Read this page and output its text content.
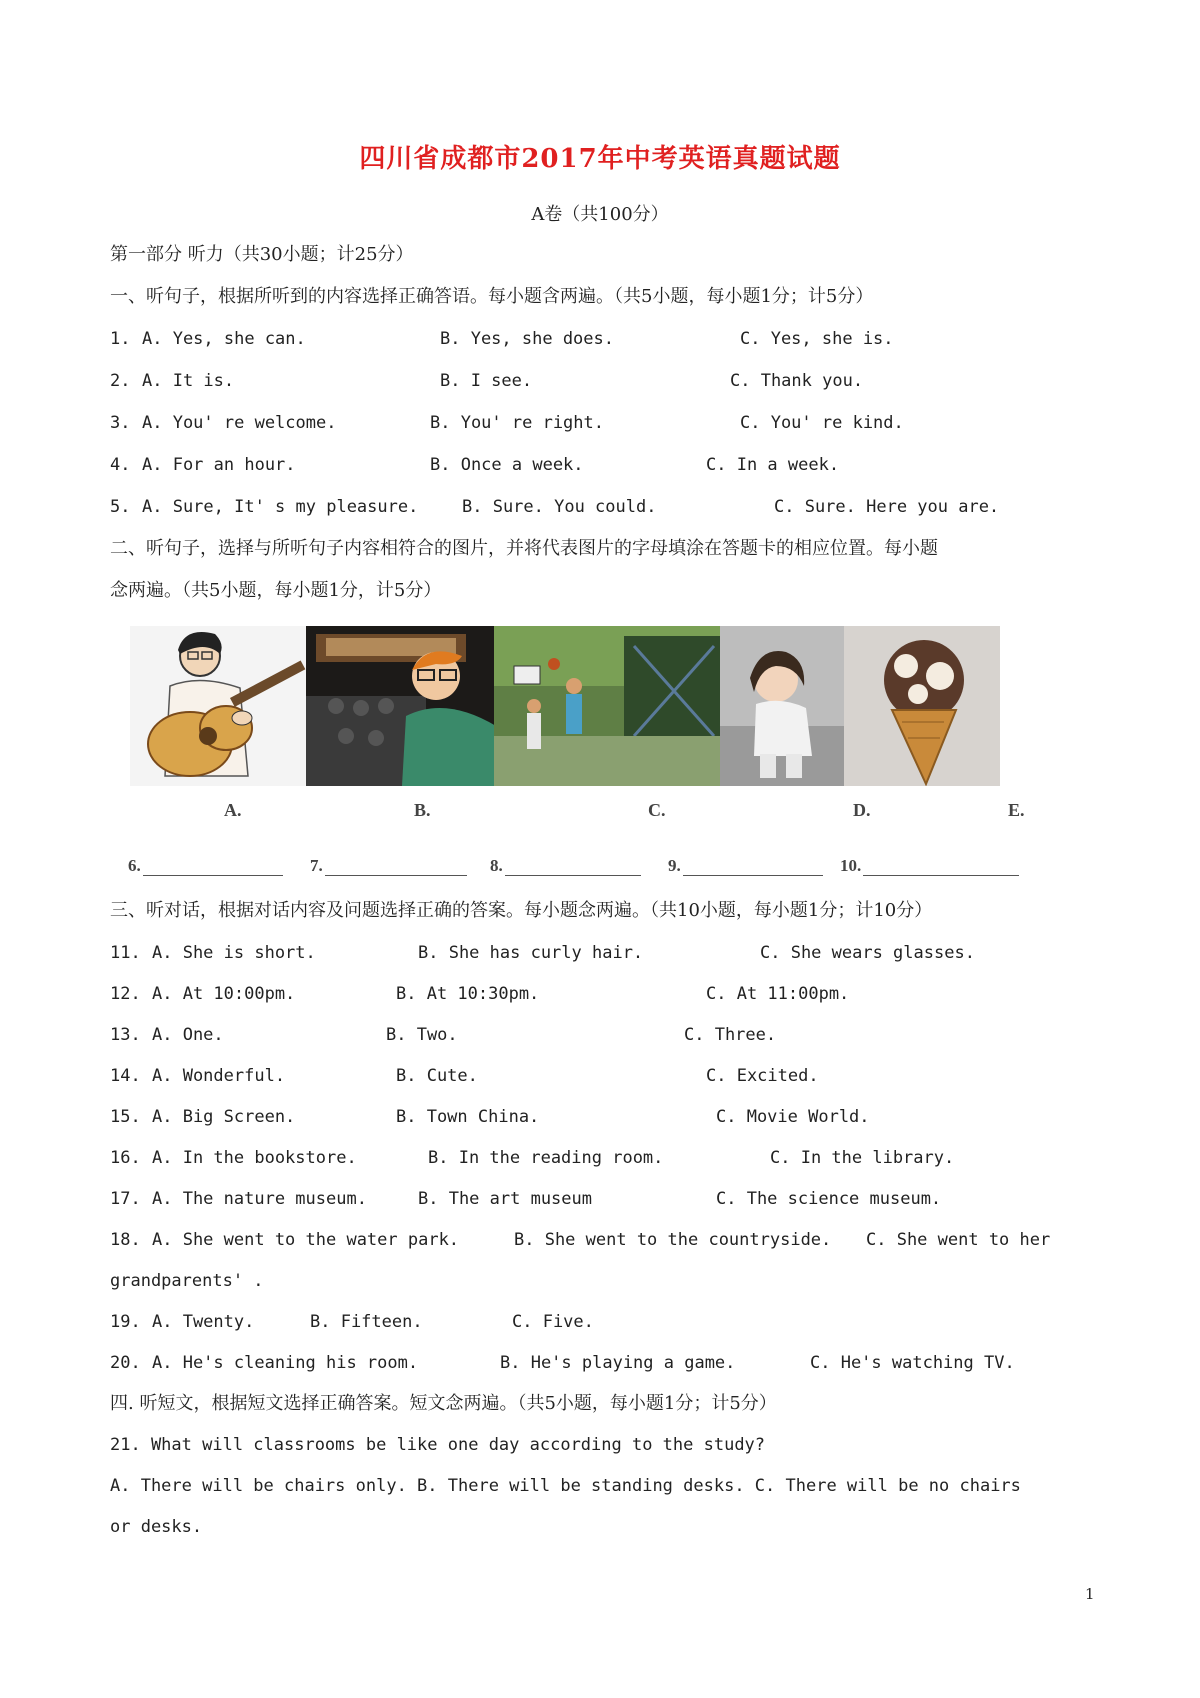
四川省成都市2017年中考英语真题试题
A卷（共100分）
第一部分 听力（共30小题；计25分）
一、听句子，根据所听到的内容选择正确答语。每小题含两遍。（共5小题，每小题1分；计5分）
1. A. Yes, she can.	B. Yes, she does.	C. Yes, she is.
2. A. It is.	B. I see.	C. Thank you.
3. A. You' re welcome.	B. You' re right.	C. You' re kind.
4. A. For an hour.	B. Once a week.	C. In a week.
5. A. Sure, It' s my pleasure.	B. Sure. You could.	C. Sure. Here you are.
二、听句子，选择与所听句子内容相符合的图片，并将代表图片的字母填涂在答题卡的相应位置。每小题
念两遍。（共5小题，每小题1分，计5分）
A.	B.	C.	D.	E.
6.	7.	8.	9.	10.
三、听对话，根据对话内容及问题选择正确的答案。每小题念两遍。（共10小题，每小题1分；计10分）
11. A. She is short.	B. She has curly hair.	C. She wears glasses.
12. A. At 10:00pm.	B. At 10:30pm.	C. At 11:00pm.
13. A. One.	B. Two.	C. Three.
14. A. Wonderful.	B. Cute.	C. Excited.
15. A. Big Screen.	B. Town China.	C. Movie World.
16. A. In the bookstore.	B. In the reading room.	C. In the library.
17. A. The nature museum.	B. The art museum	C. The science museum.
18. A. She went to the water park.	B. She went to the countryside. C. She went to her
grandparents' .
19. A. Twenty.	B. Fifteen.	C. Five.
20. A. He's cleaning his room.	B. He's playing a game.	C. He's watching TV.
四. 听短文，根据短文选择正确答案。短文念两遍。（共5小题，每小题1分；计5分）
21. What will classrooms be like one day according to the study?
A. There will be chairs only. B. There will be standing desks. C. There will be no chairs
or desks.
1
